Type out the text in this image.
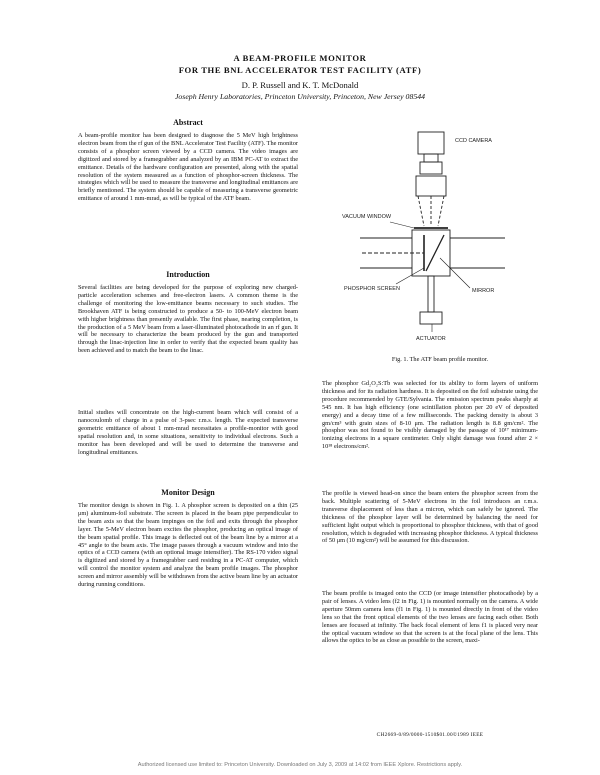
A BEAM-PROFILE MONITOR
FOR THE BNL ACCELERATOR TEST FACILITY (ATF)
D. P. Russell and K. T. McDonald
Joseph Henry Laboratories, Princeton University, Princeton, New Jersey 08544
Abstract
A beam-profile monitor has been designed to diagnose the 5 MeV high brightness electron beam from the rf gun of the BNL Accelerator Test Facility (ATF). The monitor consists of a phosphor screen viewed by a CCD camera. The video images are digitized and stored by a framegrabber and analyzed by an IBM PC-AT to extract the emittance. Details of the hardware configuration are presented, along with the spatial resolution of the system measured as a function of phosphor-screen thickness. The strategies which will be used to measure the transverse and longitudinal emittances are briefly mentioned. The system should be capable of measuring a transverse geometric emittance of around 1 mm-mrad, as will be typical of the ATF beam.
Introduction
Several facilities are being developed for the purpose of exploring new charged-particle acceleration schemes and free-electron lasers. A common theme is the challenge of monitoring the low-emittance beams necessary to such studies. The Brookhaven ATF is being constructed to produce a 50- to 100-MeV electron beam with higher brightness than presently available. The first phase, nearing completion, is the production of a 5 MeV beam from a laser-illuminated photocathode in an rf gun. It will be necessary to characterize the beam produced by the gun and transported through the linac-injection line in order to verify that the expected beam quality has been achieved and to match the beam to the linac.
Initial studies will concentrate on the high-current beam which will consist of a nanocoulomb of charge in a pulse of 3-psec r.m.s. length. The expected transverse geometric emittance of about 1 mm-mrad necessitates a profile-monitor with good spatial resolution and, in some situations, sensitivity to individual electrons. Such a monitor has been developed and will be used to determine the transverse and longitudinal emittances.
Monitor Design
The monitor design is shown in Fig. 1. A phosphor screen is deposited on a thin (25 μm) aluminum-foil substrate. The screen is placed in the beam pipe perpendicular to the beam axis so that the beam impinges on the foil and exits through the phosphor layer. The 5-MeV electron beam excites the phosphor, producing an optical image of the beam spatial profile. This image is deflected out of the beam line by a mirror at a 45° angle to the beam axis. The image passes through a vacuum window and into the optics of a CCD camera (with an optional image intensifier). The RS-170 video signal is digitized and stored by a framegrabber card residing in a PC-AT computer, which will control the monitor system and analyze the beam profile images. The phosphor screen and mirror assembly will be withdrawn from the active beam line by an actuator during running conditions.
CCD CAMERA
VACUUM WINDOW
PHOSPHOR SCREEN	MIRROR
ACTUATOR
Fig. 1. The ATF beam profile monitor.
The phosphor Gd₂O₂S:Tb was selected for its ability to form layers of uniform thickness and for its radiation hardness. It is deposited on the foil substrate using the procedure recommended by GTE/Sylvania. The emission spectrum peaks sharply at 545 nm. It has high efficiency (one scintillation photon per 20 eV of deposited energy) and a decay time of a few milliseconds. The packing density is about 3 gm/cm³ with grain sizes of 8-10 μm. The radiation length is 8.8 gm/cm². The phosphor was not found to be visibly damaged by the passage of 10¹⁷ minimum-ionizing electrons in a square centimeter. Only slight damage was found after 2 × 10¹⁸ electrons/cm².
The profile is viewed head-on since the beam enters the phosphor screen from the back. Multiple scattering of 5-MeV electrons in the foil introduces an r.m.s. transverse displacement of less than a micron, which can safely be ignored. The thickness of the phosphor layer will be determined by balancing the need for sufficient light output which is proportional to phosphor thickness, with that of good resolution, which is degraded with increasing phosphor thickness. A typical thickness of 50 μm (10 mg/cm²) will be assumed for this discussion.
The beam profile is imaged onto the CCD (or image intensifier photocathode) by a pair of lenses. A video lens (f2 in Fig. 1) is mounted normally on the camera. A wide aperture 50mm camera lens (f1 in Fig. 1) is mounted directly in front of the video lens so that the front optical elements of the two lenses are facing each other. Both lenses are focused at infinity. The back focal element of lens f1 is placed very near the optical vacuum window so that the screen is at the focal plane of the lens. This allows the optics to be as close as possible to the screen, maxi-
CH2669-0/89/0000-1510$01.00©1989 IEEE
Authorized licensed use limited to: Princeton University. Downloaded on July 3, 2009 at 14:02 from IEEE Xplore. Restrictions apply.
